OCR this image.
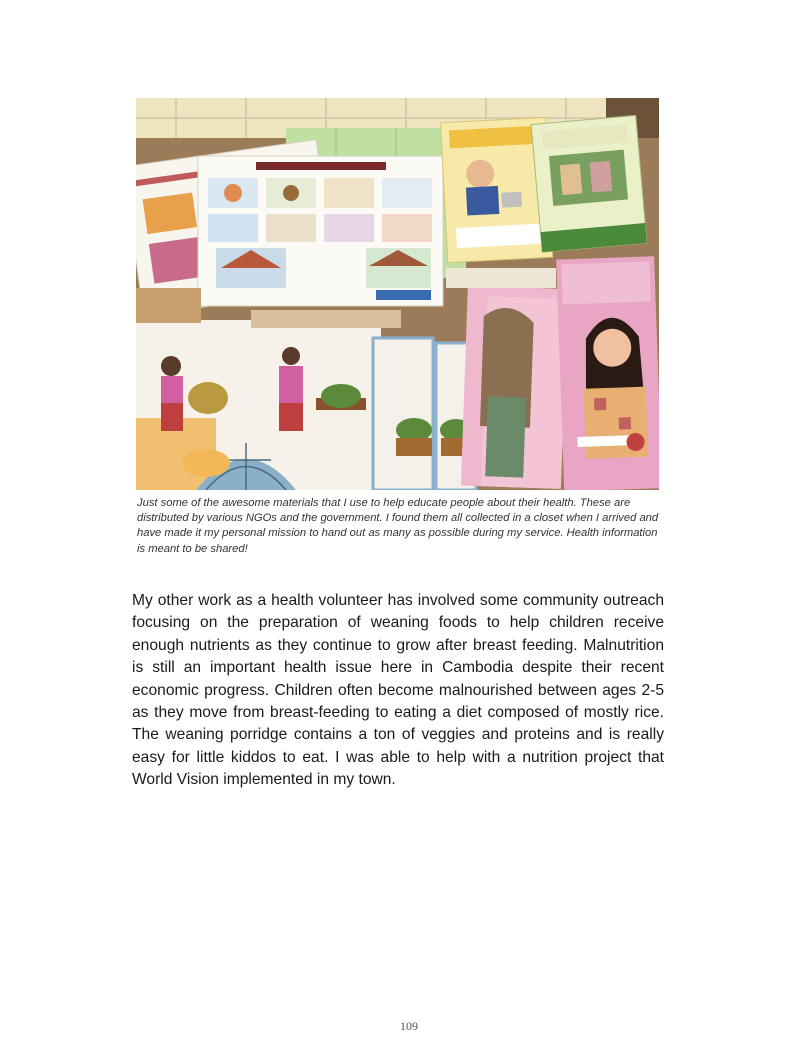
Just some of the awesome materials that I use to help educate people about their health. These are distributed by various NGOs and the government. I found them all collected in a closet when I arrived and have made it my personal mission to hand out as many as possible during my service. Health information is meant to be shared!

My other work as a health volunteer has involved some community outreach focusing on the preparation of weaning foods to help children receive enough nutrients as they continue to grow after breast feeding. Malnutrition is still an important health issue here in Cambodia despite their recent economic progress. Children often become malnourished between ages 2-5 as they move from breast-feeding to eating a diet composed of mostly rice. The weaning porridge contains a ton of veggies and proteins and is really easy for little kiddos to eat. I was able to help with a nutrition project that World Vision implemented in my town.

109
